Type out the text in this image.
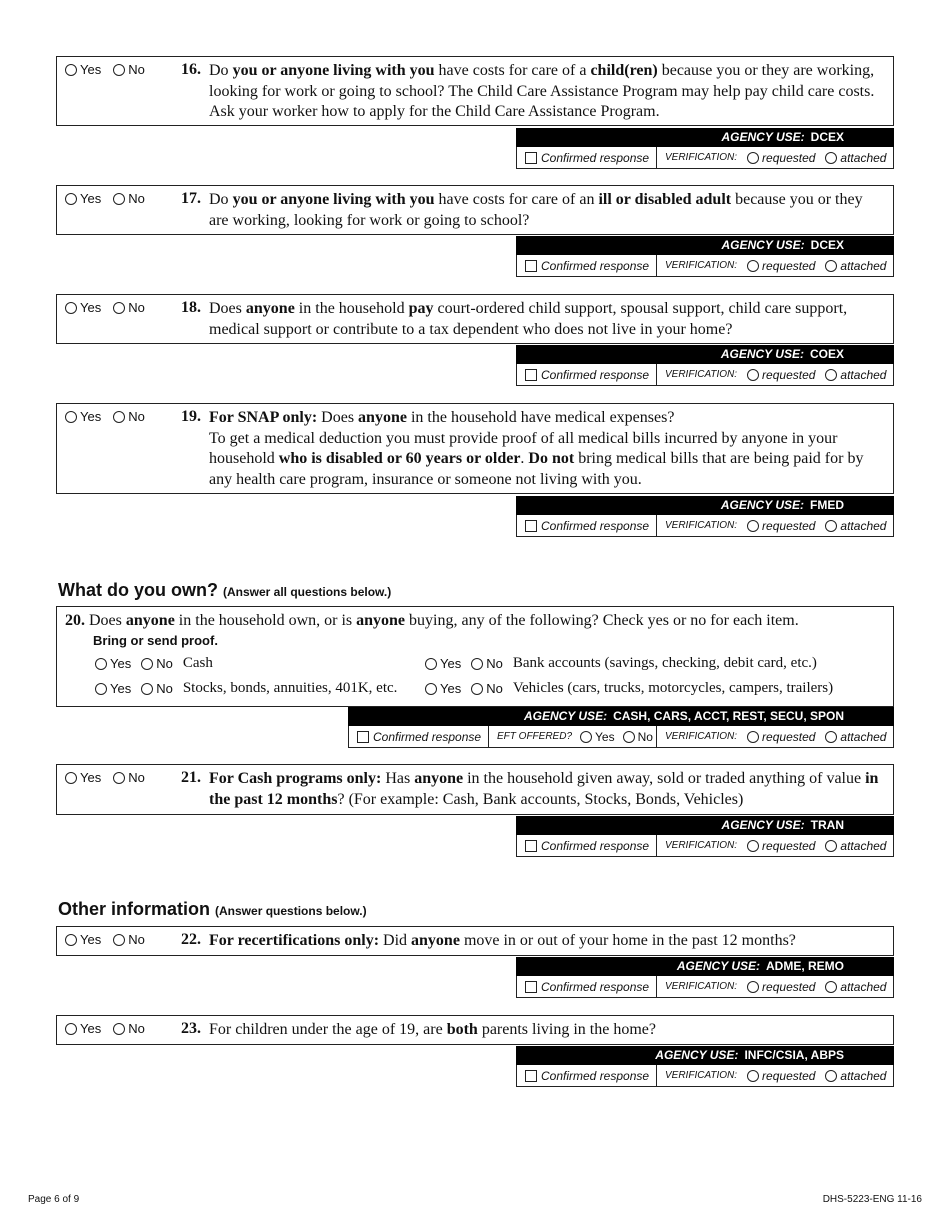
Yes No 16. Do you or anyone living with you have costs for care of a child(ren) because you or they are working, looking for work or going to school? The Child Care Assistance Program may help pay child care costs. Ask your worker how to apply for the Child Care Assistance Program.
AGENCY USE: DCEX
Confirmed response VERIFICATION: requested attached
Yes No 17. Do you or anyone living with you have costs for care of an ill or disabled adult because you or they are working, looking for work or going to school?
AGENCY USE: DCEX
Confirmed response VERIFICATION: requested attached
Yes No 18. Does anyone in the household pay court-ordered child support, spousal support, child care support, medical support or contribute to a tax dependent who does not live in your home?
AGENCY USE: COEX
Confirmed response VERIFICATION: requested attached
Yes No 19. For SNAP only: Does anyone in the household have medical expenses?
To get a medical deduction you must provide proof of all medical bills incurred by anyone in your household who is disabled or 60 years or older. Do not bring medical bills that are being paid for by any health care program, insurance or someone not living with you.
AGENCY USE: FMED
Confirmed response VERIFICATION: requested attached
What do you own? (Answer all questions below.)
20. Does anyone in the household own, or is anyone buying, any of the following? Check yes or no for each item.
Bring or send proof.
Yes No Cash	Yes No Bank accounts (savings, checking, debit card, etc.)
Yes No Stocks, bonds, annuities, 401K, etc.	Yes No Vehicles (cars, trucks, motorcycles, campers, trailers)
AGENCY USE: CASH, CARS, ACCT, REST, SECU, SPON
Confirmed response EFT OFFERED? Yes No VERIFICATION: requested attached
Yes No 21. For Cash programs only: Has anyone in the household given away, sold or traded anything of value in the past 12 months? (For example: Cash, Bank accounts, Stocks, Bonds, Vehicles)
AGENCY USE: TRAN
Confirmed response VERIFICATION: requested attached
Other information (Answer questions below.)
Yes No 22. For recertifications only: Did anyone move in or out of your home in the past 12 months?
AGENCY USE: ADME, REMO
Confirmed response VERIFICATION: requested attached
Yes No 23. For children under the age of 19, are both parents living in the home?
AGENCY USE: INFC/CSIA, ABPS
Confirmed response VERIFICATION: requested attached
Page 6 of 9	DHS-5223-ENG 11-16
